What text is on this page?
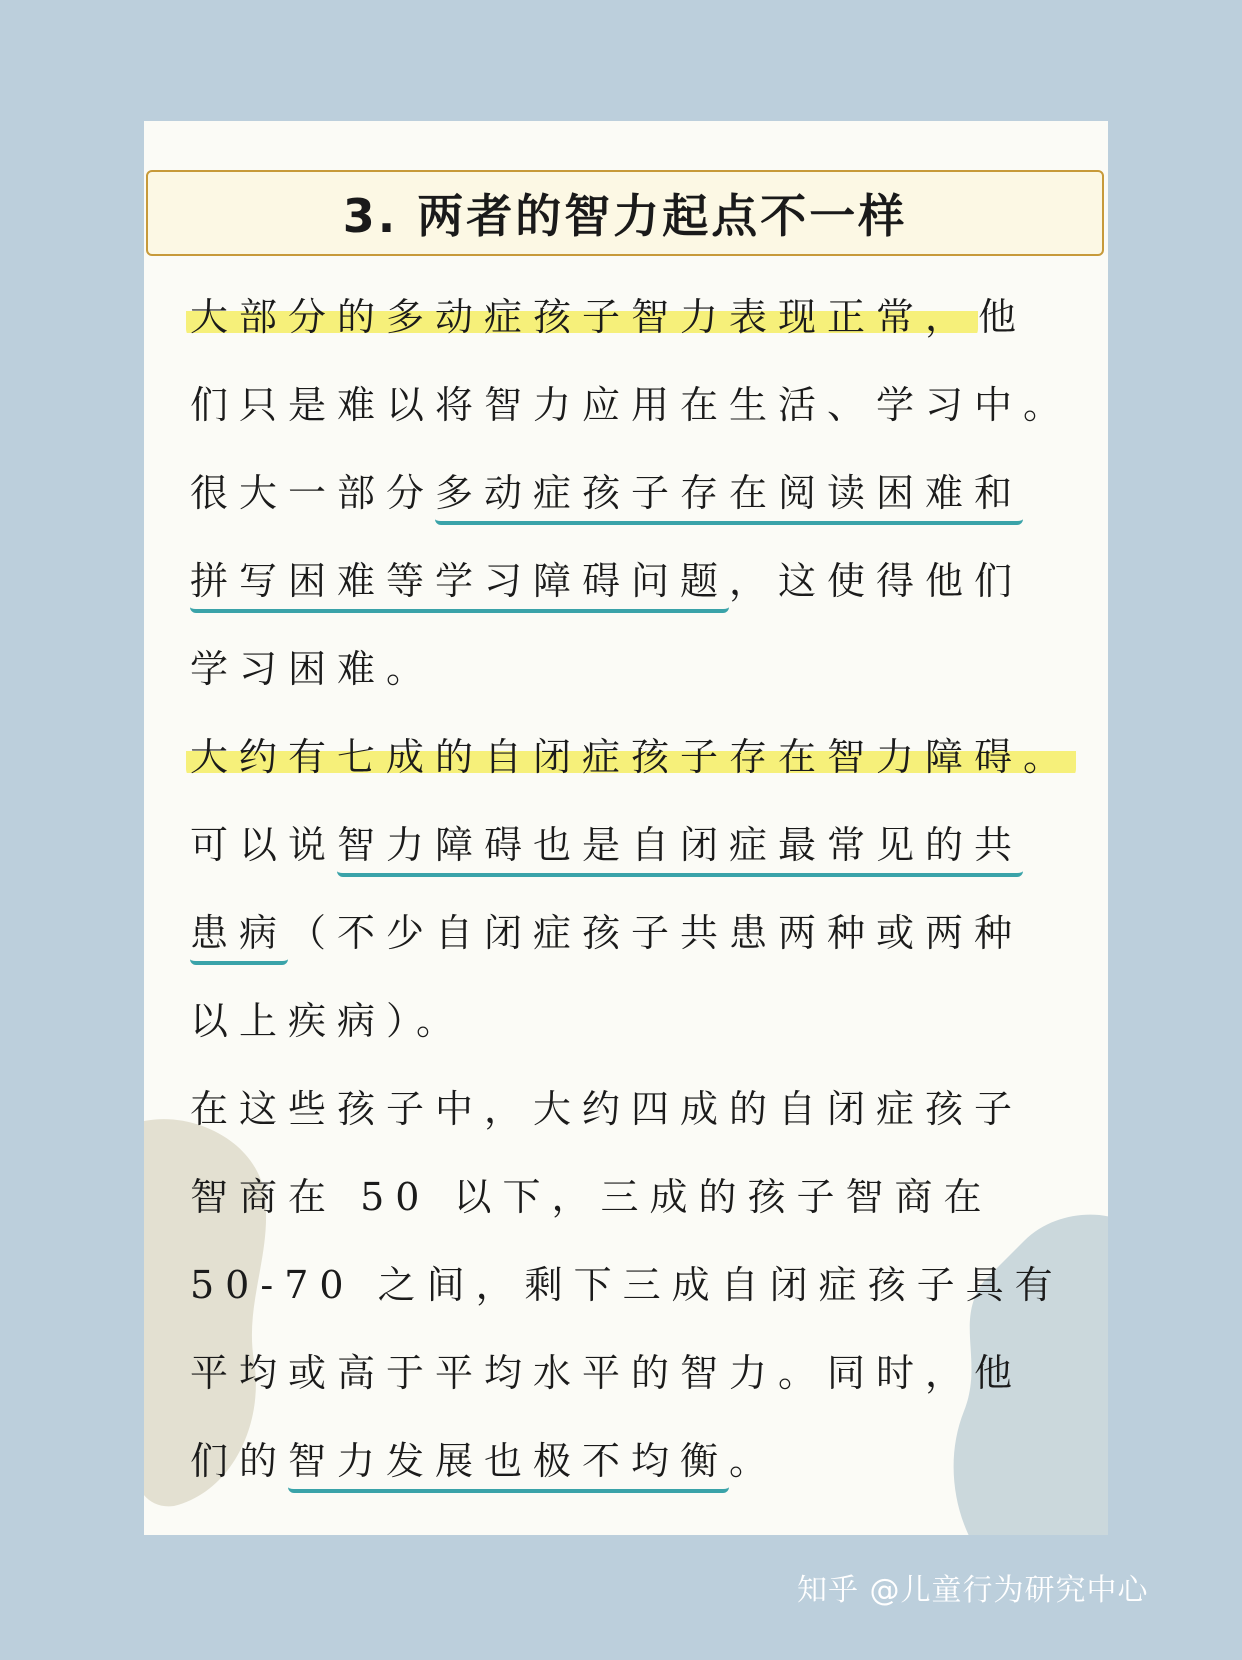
3. 两者的智力起点不一样
大部分的多动症孩子智力表现正常， 他
们只是难以将智力应用在生活、学习中。
很大一部分多动症孩子存在阅读困难和
拼写困难等学习障碍问题，这使得他们
学习困难。
大约有七成的自闭症孩子存在智力障碍。
可以说智力障碍也是自闭症最常见的共
患病（不少自闭症孩子共患两种或两种
以上疾病）。
在这些孩子中，大约四成的自闭症孩子
智商在 50 以下，三成的孩子智商在
50-70 之间，剩下三成自闭症孩子具有
平均或高于平均水平的智力。同时，他
们的智力发展也极不均衡。
知乎 @儿童行为研究中心
